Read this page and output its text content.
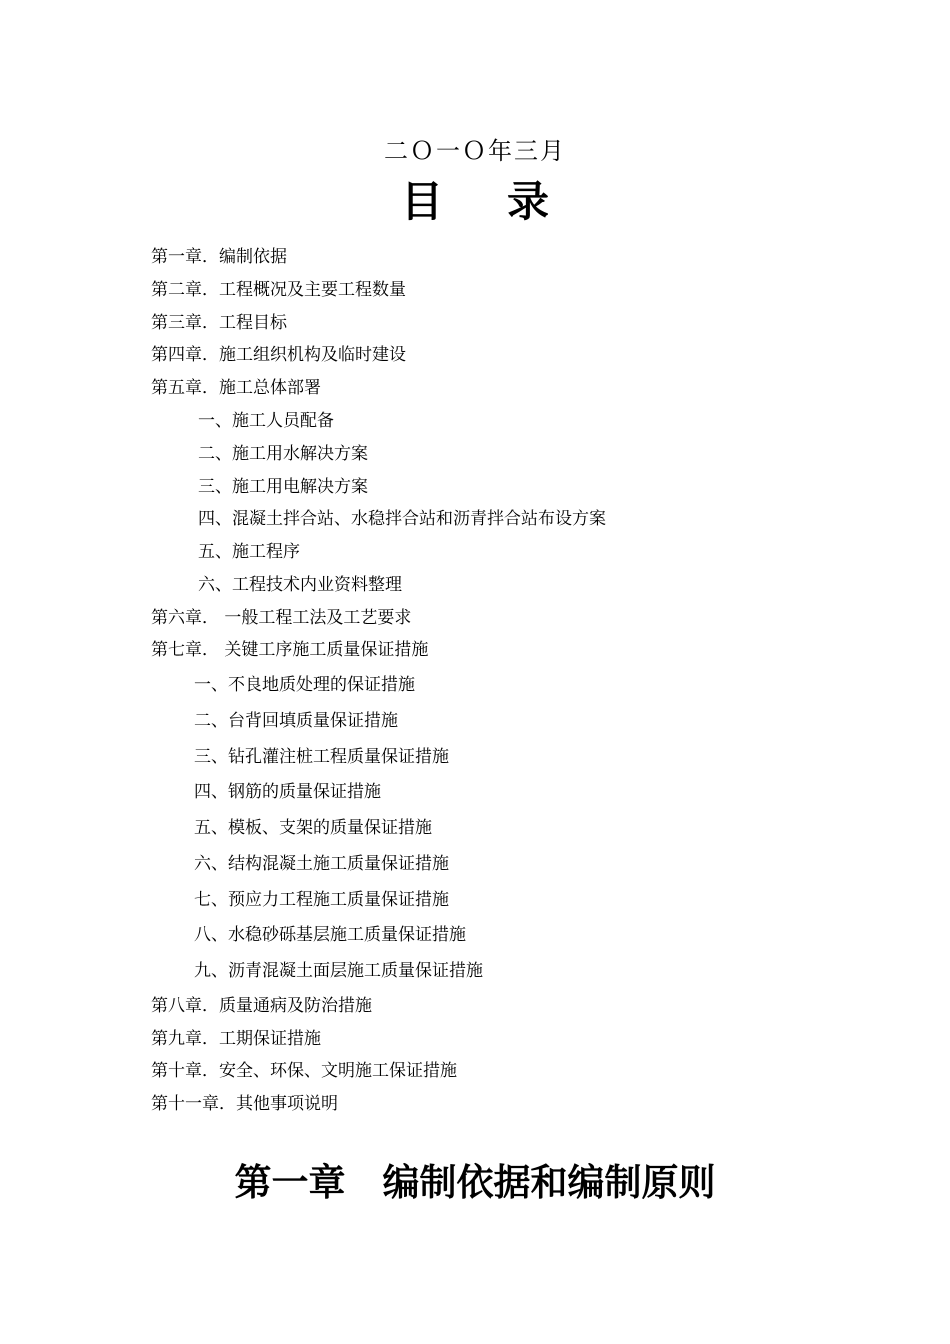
二Ｏ一Ｏ年三月
目录
第一章．编制依据
第二章．工程概况及主要工程数量
第三章．工程目标
第四章．施工组织机构及临时建设
第五章．施工总体部署
一、施工人员配备
二、施工用水解决方案
三、施工用电解决方案
四、混凝土拌合站、水稳拌合站和沥青拌合站布设方案
五、施工程序
六、工程技术内业资料整理
第六章． 一般工程工法及工艺要求
第七章． 关键工序施工质量保证措施
一、不良地质处理的保证措施
二、台背回填质量保证措施
三、钻孔灌注桩工程质量保证措施
四、钢筋的质量保证措施
五、模板、支架的质量保证措施
六、结构混凝土施工质量保证措施
七、预应力工程施工质量保证措施
八、水稳砂砾基层施工质量保证措施
九、沥青混凝土面层施工质量保证措施
第八章．质量通病及防治措施
第九章．工期保证措施
第十章．安全、环保、文明施工保证措施
第十一章．其他事项说明
第一章　编制依据和编制原则
